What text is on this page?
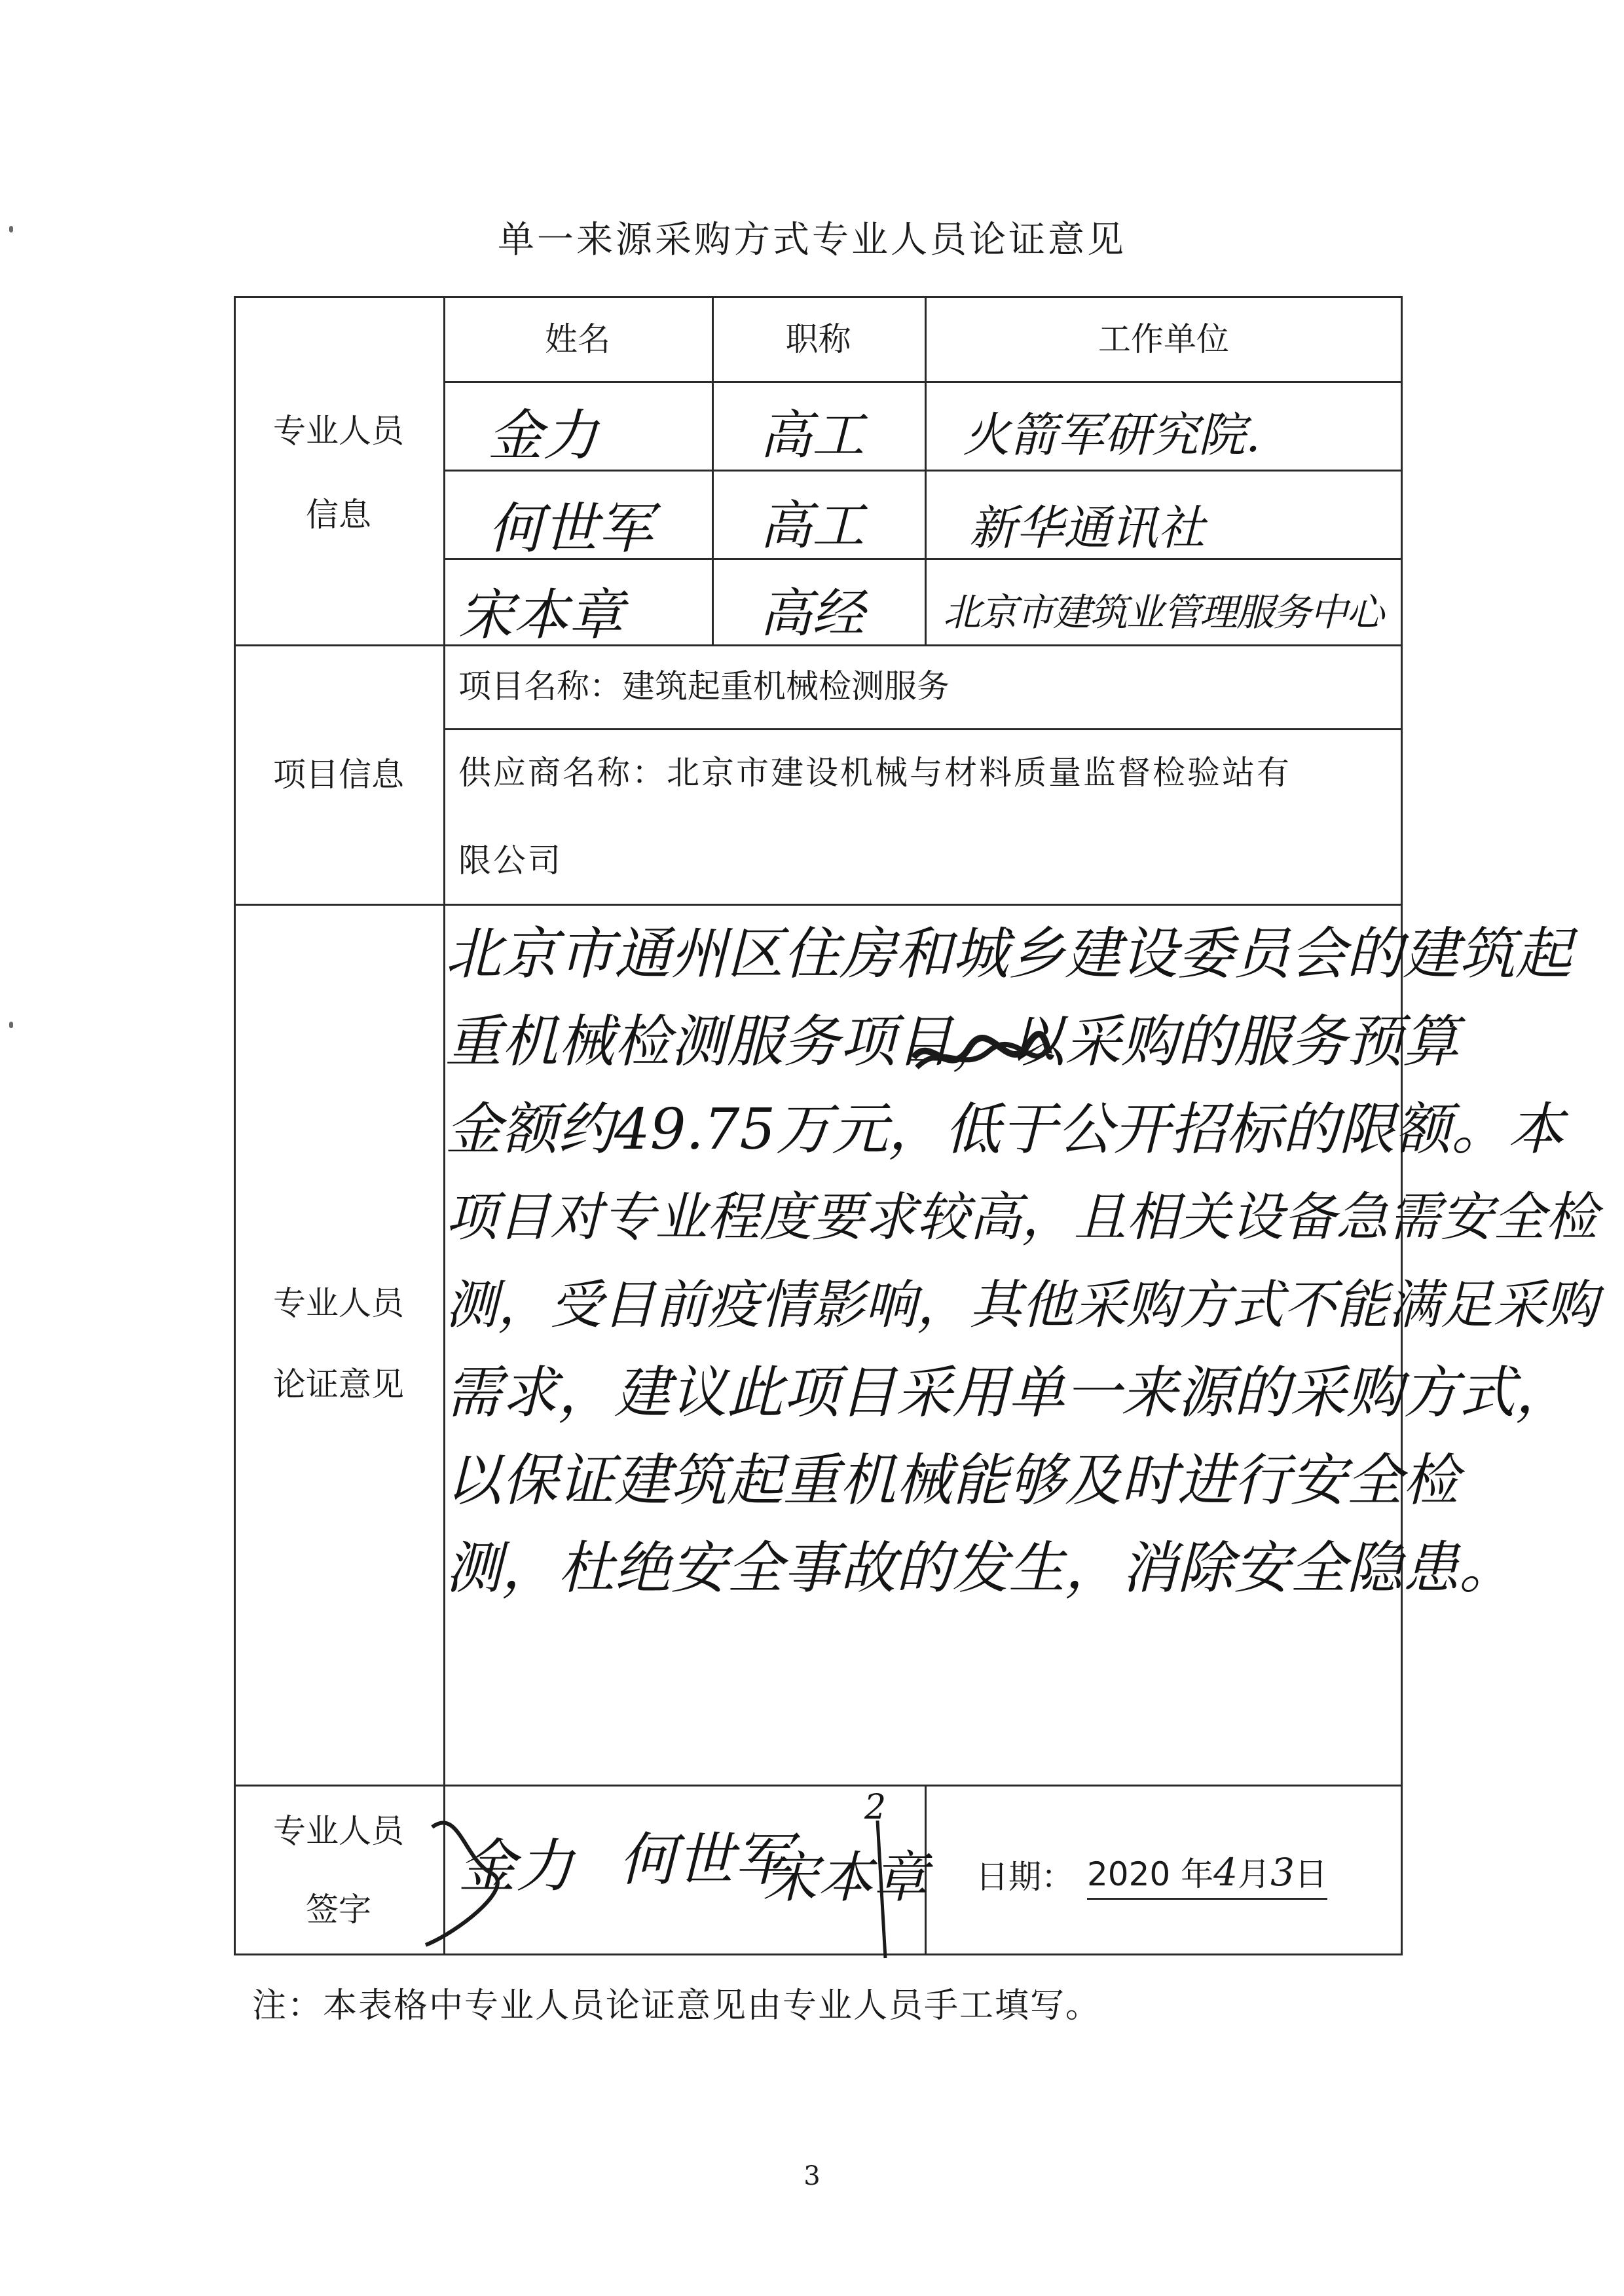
单一来源采购方式专业人员论证意见
姓名	职称	工作单位
专业人员
信息
金力	高工 火箭军研究院.
何世军 高工 新华通讯社
宋本章	高经 北京市建筑业管理服务中心
项目信息
项目名称：建筑起重机械检测服务
供应商名称：北京市建设机械与材料质量监督检验站有
限公司
专业人员
论证意见
北京市通州区住房和城乡建设委员会的建筑起
重机械检测服务项目，以采购的服务预算
金额约49.75万元，低于公开招标的限额。本
项目对专业程度要求较高，且相关设备急需安全检
测，受目前疫情影响，其他采购方式不能满足采购
需求，建议此项目采用单一来源的采购方式，
以保证建筑起重机械能够及时进行安全检
测，杜绝安全事故的发生，消除安全隐患。
专业人员
签字
金力 何世军
宋本章
2
日期： 2020 年4月3日
注：本表格中专业人员论证意见由专业人员手工填写。
3
